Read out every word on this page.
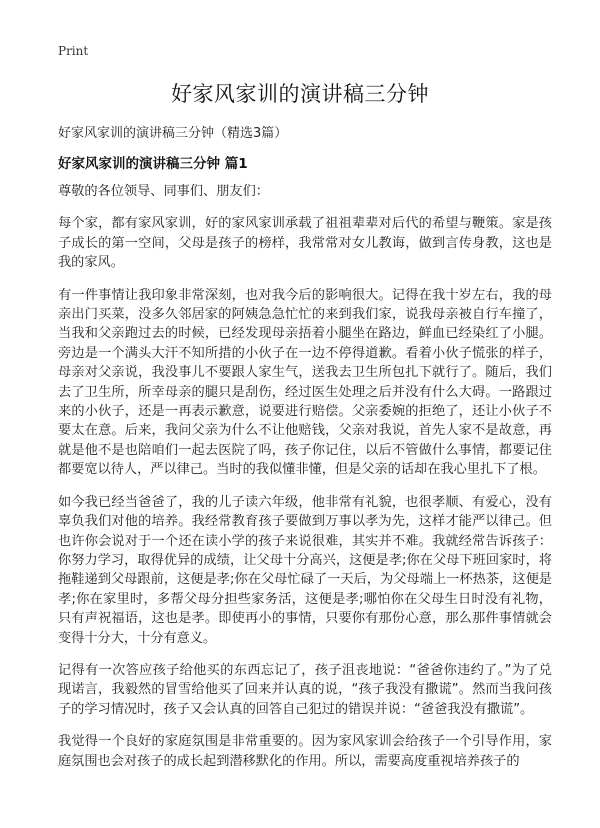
Print
好家风家训的演讲稿三分钟
好家风家训的演讲稿三分钟（精选3篇）
好家风家训的演讲稿三分钟 篇1

尊敬的各位领导、同事们、朋友们：

每个家，都有家风家训，好的家风家训承载了祖祖辈辈对后代的希望与鞭策。家是孩子成长的第一空间，父母是孩子的榜样，我常常对女儿教诲，做到言传身教，这也是我的家风。

有一件事情让我印象非常深刻，也对我今后的影响很大。记得在我十岁左右，我的母亲出门买菜，没多久邻居家的阿姨急急忙忙的来到我们家，说我母亲被自行车撞了，当我和父亲跑过去的时候，已经发现母亲捂着小腿坐在路边，鲜血已经染红了小腿。旁边是一个满头大汗不知所措的小伙子在一边不停得道歉。看着小伙子慌张的样子，母亲对父亲说，我没事儿不要跟人家生气，送我去卫生所包扎下就行了。随后，我们去了卫生所，所幸母亲的腿只是刮伤，经过医生处理之后并没有什么大碍。一路跟过来的小伙子，还是一再表示歉意，说要进行赔偿。父亲委婉的拒绝了，还让小伙子不要太在意。后来，我问父亲为什么不让他赔钱，父亲对我说，首先人家不是故意，再就是他不是也陪咱们一起去医院了吗，孩子你记住，以后不管做什么事情，都要记住都要宽以待人，严以律己。当时的我似懂非懂，但是父亲的话却在我心里扎下了根。

如今我已经当爸爸了，我的儿子读六年级，他非常有礼貌，也很孝顺、有爱心，没有辜负我们对他的培养。我经常教育孩子要做到万事以孝为先，这样才能严以律己。但也许你会说对于一个还在读小学的孩子来说很难，其实并不难。我就经常告诉孩子：你努力学习，取得优异的成绩，让父母十分高兴，这便是孝;你在父母下班回家时，将拖鞋递到父母跟前，这便是孝;你在父母忙碌了一天后，为父母端上一杯热茶，这便是孝;你在家里时，多帮父母分担些家务活，这便是孝;哪怕你在父母生日时没有礼物，只有声祝福语，这也是孝。即使再小的事情，只要你有那份心意，那么那件事情就会变得十分大，十分有意义。

记得有一次答应孩子给他买的东西忘记了，孩子沮丧地说：“爸爸你违约了。”为了兑现诺言，我毅然的冒雪给他买了回来并认真的说，“孩子我没有撒谎”。然而当我问孩子的学习情况时，孩子又会认真的回答自己犯过的错误并说：“爸爸我没有撒谎”。

我觉得一个良好的家庭氛围是非常重要的。因为家风家训会给孩子一个引导作用，家庭氛围也会对孩子的成长起到潜移默化的作用。所以，需要高度重视培养孩子的
